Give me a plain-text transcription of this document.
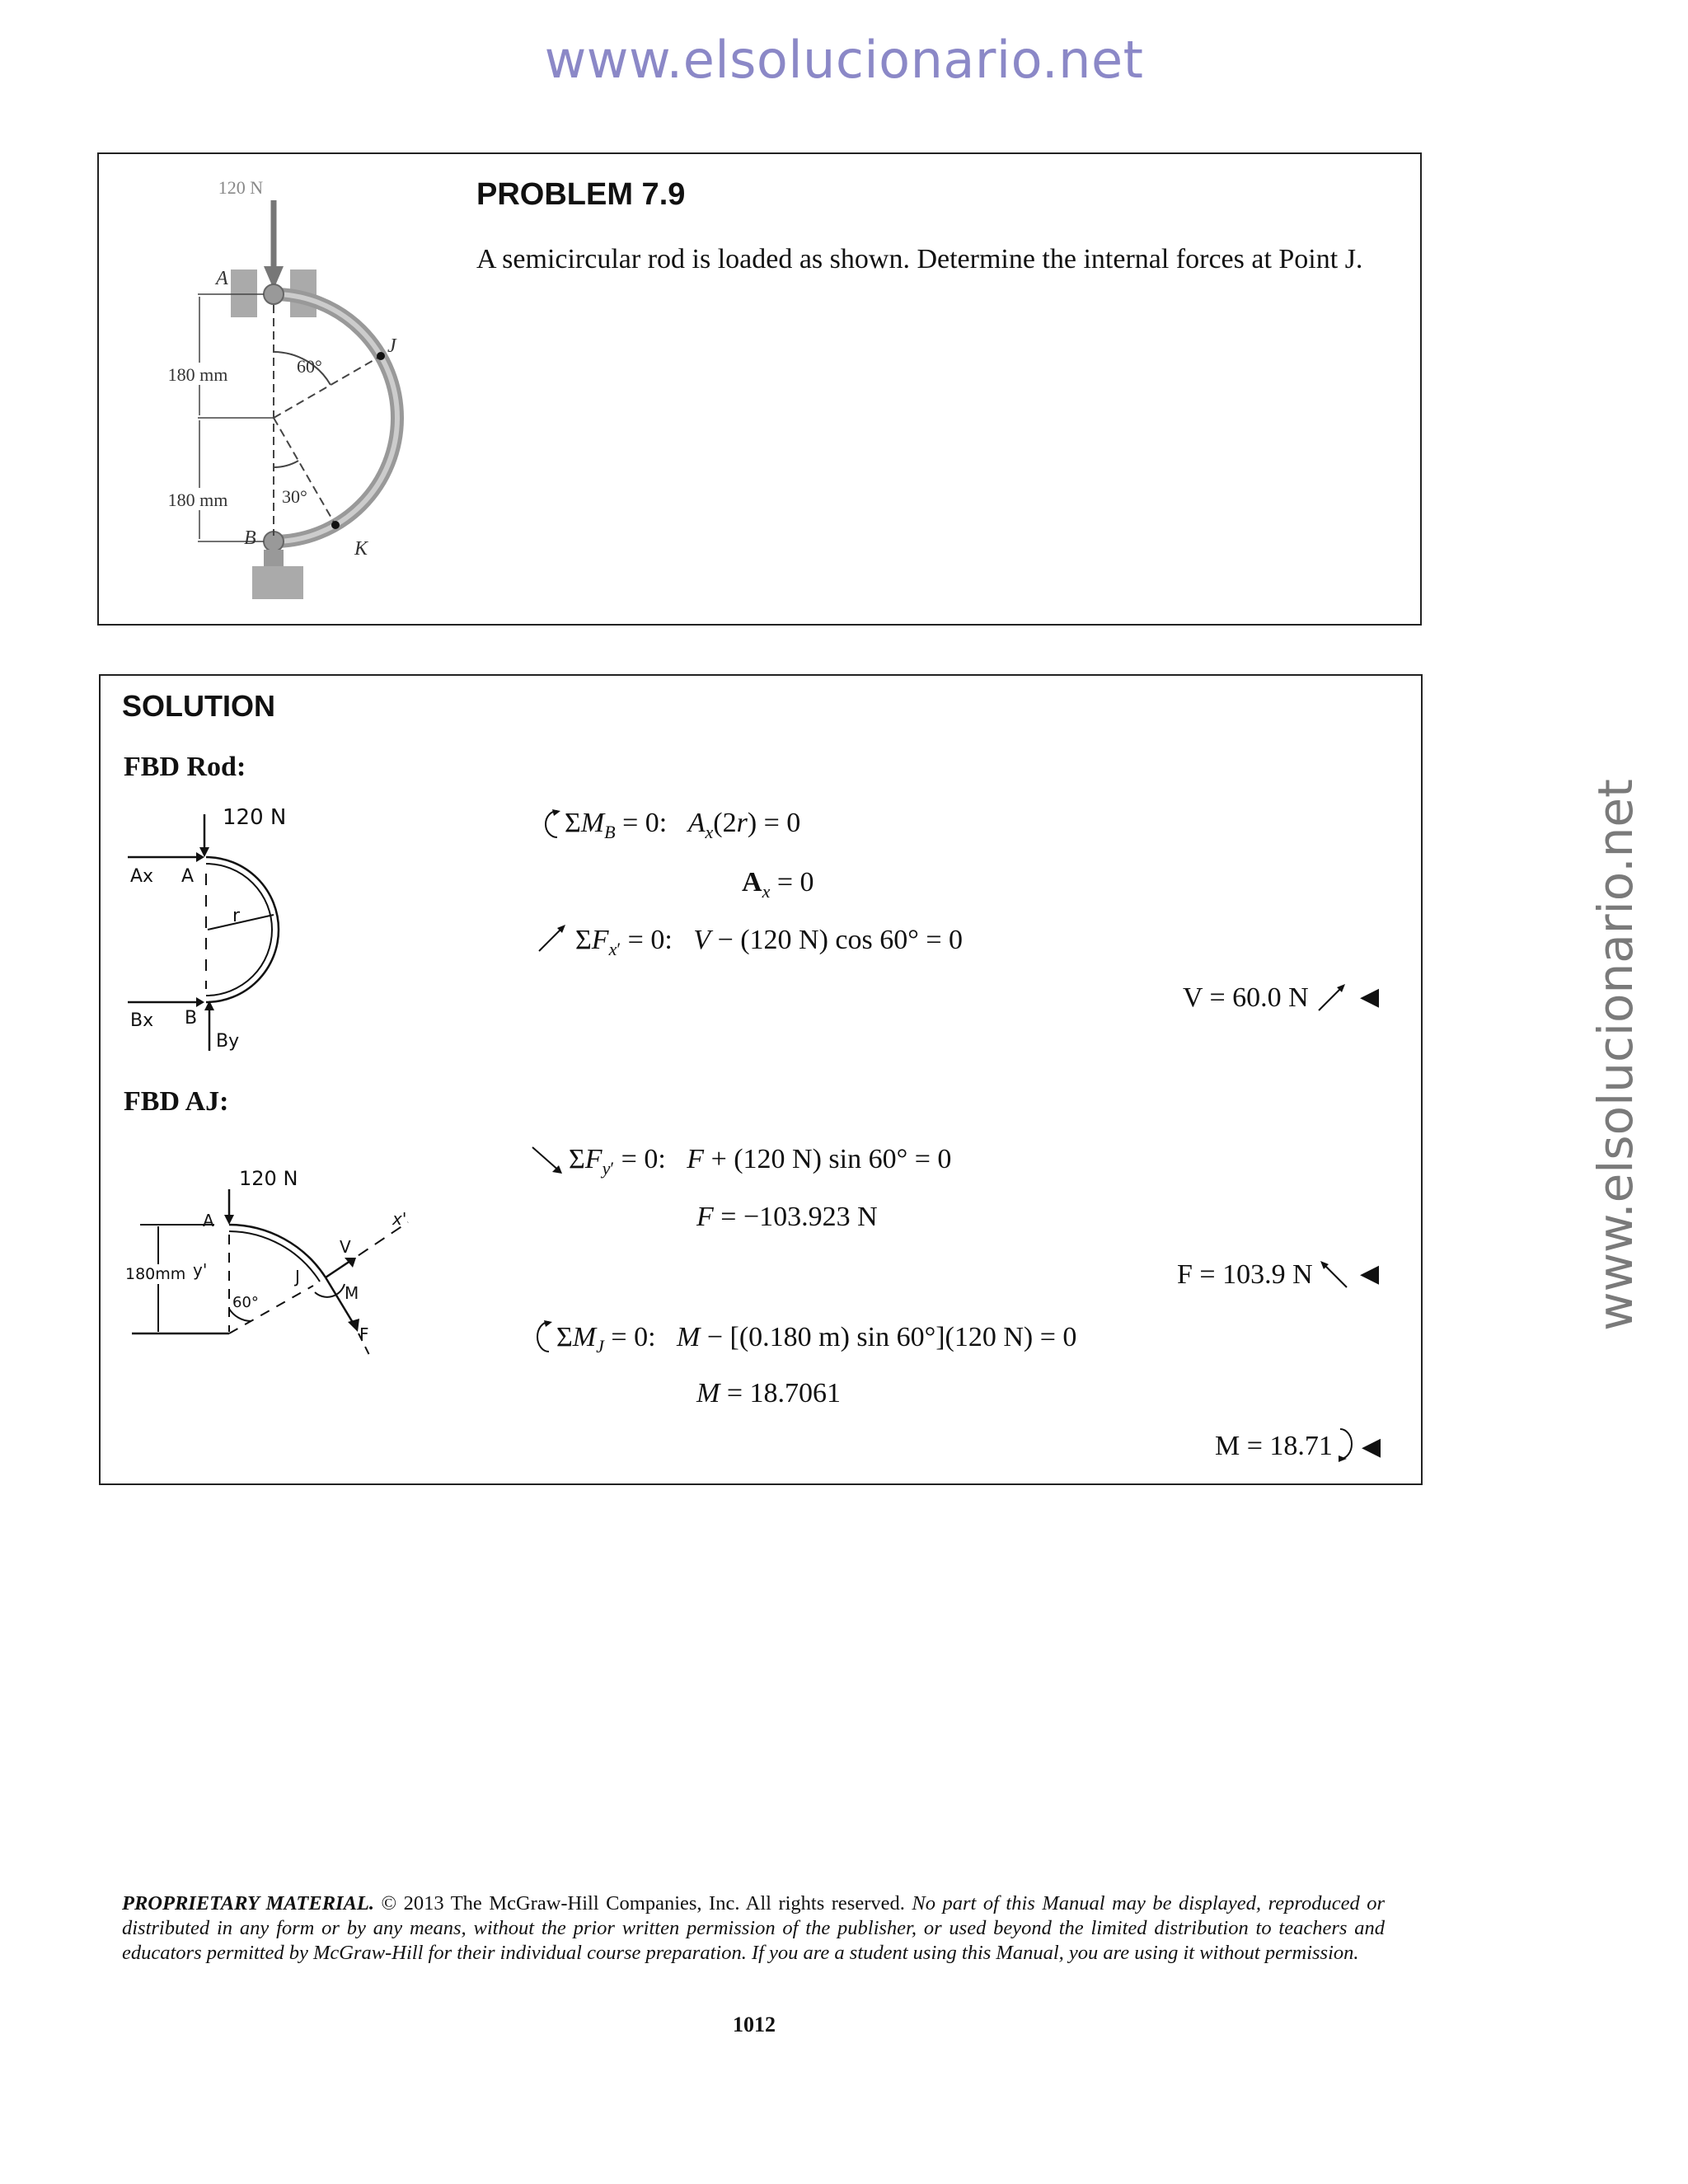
www.elsolucionario.net
www.elsolucionario.net
PROBLEM 7.9
A semicircular rod is loaded as shown. Determine the internal forces at Point J.
120 N
60°
30°
180 mm
180 mm
A
B
J
K
SOLUTION
FBD Rod:
FBD AJ:
120 N
Ax A
r
Bx B
By
120 N
A
180mm y'
60°
J
x'
V
M
F
$\Sigma M_B = 0$:   $A_x(2r) = 0$
$A_x = 0$
$\Sigma F_{x'} = 0$:   V − (120 N) cos 60° = 0
V = 60.0 N ◀
$\Sigma F_{y'} = 0$:   F + (120 N) sin 60° = 0
F = −103.923 N
F = 103.9 N ◀
$\Sigma M_J = 0$:   M − [(0.180 m) sin 60°](120 N) = 0
M = 18.7061
M = 18.71 ◀
PROPRIETARY MATERIAL. © 2013 The McGraw-Hill Companies, Inc. All rights reserved. No part of this Manual may be displayed, reproduced or distributed in any form or by any means, without the prior written permission of the publisher, or used beyond the limited distribution to teachers and educators permitted by McGraw-Hill for their individual course preparation. If you are a student using this Manual, you are using it without permission.
1012
